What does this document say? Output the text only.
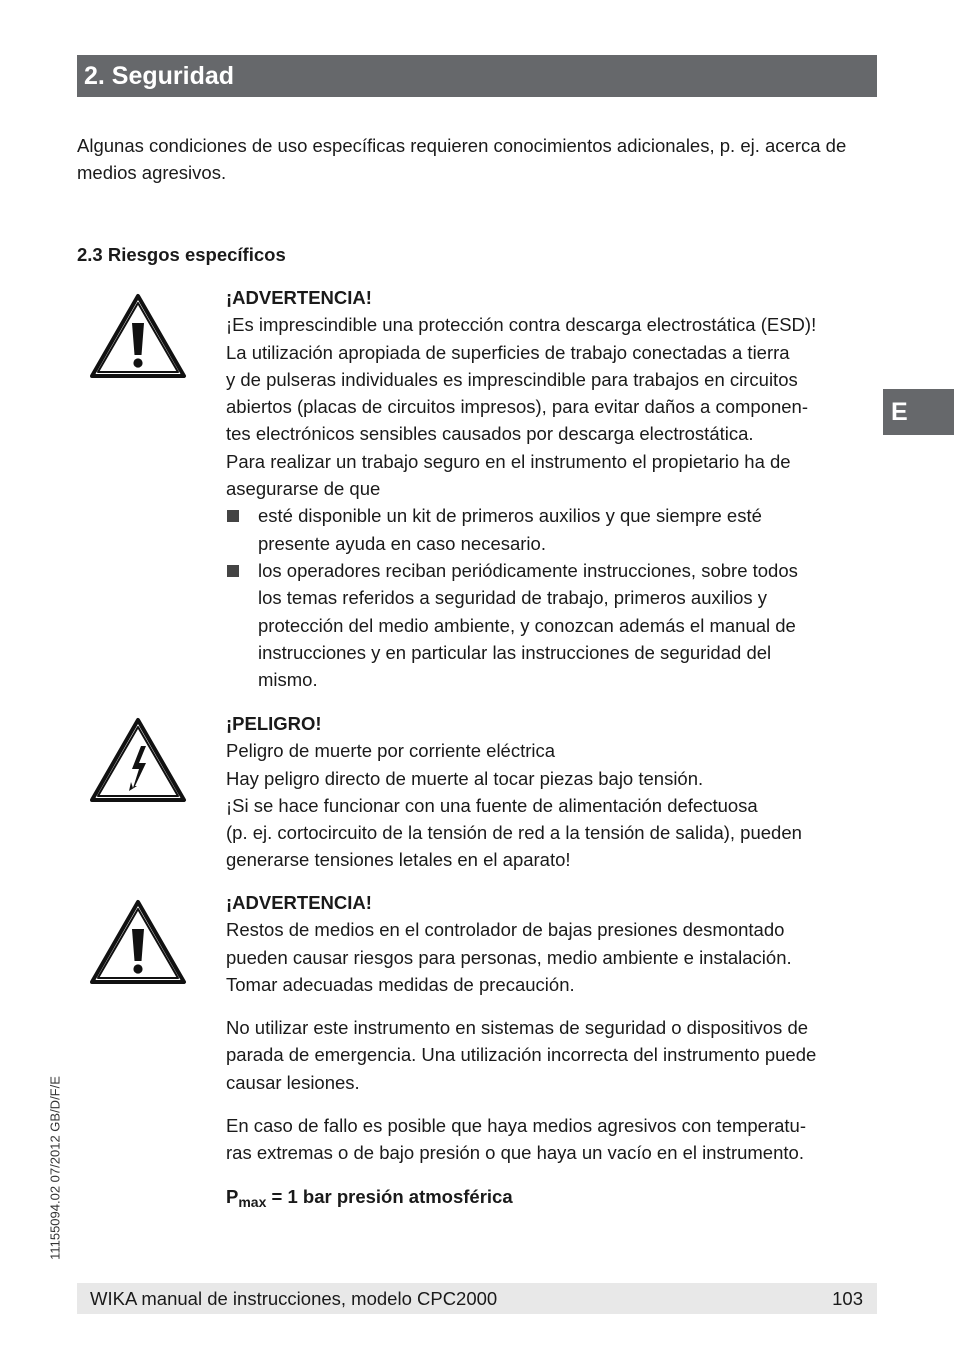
2. Seguridad

Algunas condiciones de uso específicas requieren conocimientos adicionales, p. ej. acerca de medios agresivos.

2.3 Riesgos específicos

¡ADVERTENCIA!

¡Es imprescindible una protección contra descarga electrostática (ESD)!

La utilización apropiada de superficies de trabajo conectadas a tierra

y de pulseras individuales es imprescindible para trabajos en circuitos

abiertos (placas de circuitos impresos), para evitar daños a componen-

tes electrónicos sensibles causados por descarga electrostática.

Para realizar un trabajo seguro en el instrumento el propietario ha de

asegurarse de que

esté disponible un kit de primeros auxilios y que siempre esté

presente ayuda en caso necesario.

los operadores reciban periódicamente instrucciones, sobre todos

los temas referidos a seguridad de trabajo, primeros auxilios y

protección del medio ambiente, y conozcan además el manual de

instrucciones y en particular las instrucciones de seguridad del

mismo.

¡PELIGRO!

Peligro de muerte por corriente eléctrica

Hay peligro directo de muerte al tocar piezas bajo tensión.

¡Si se hace funcionar con una fuente de alimentación defectuosa

(p. ej. cortocircuito de la tensión de red a la tensión de salida), pueden

generarse tensiones letales en el aparato!

¡ADVERTENCIA!

Restos de medios en el controlador de bajas presiones desmontado

pueden causar riesgos para personas, medio ambiente e instalación.

Tomar adecuadas medidas de precaución.

No utilizar este instrumento en sistemas de seguridad o dispositivos de

parada de emergencia. Una utilización incorrecta del instrumento puede

causar lesiones.

En caso de fallo es posible que haya medios agresivos con temperatu-

ras extremas o de bajo presión o que haya un vacío en el instrumento.

$P_{max} = 1$ bar presión atmosférica

E
11155094.02 07/2012 GB/D/F/E
WIKA manual de instrucciones, modelo CPC2000	103
